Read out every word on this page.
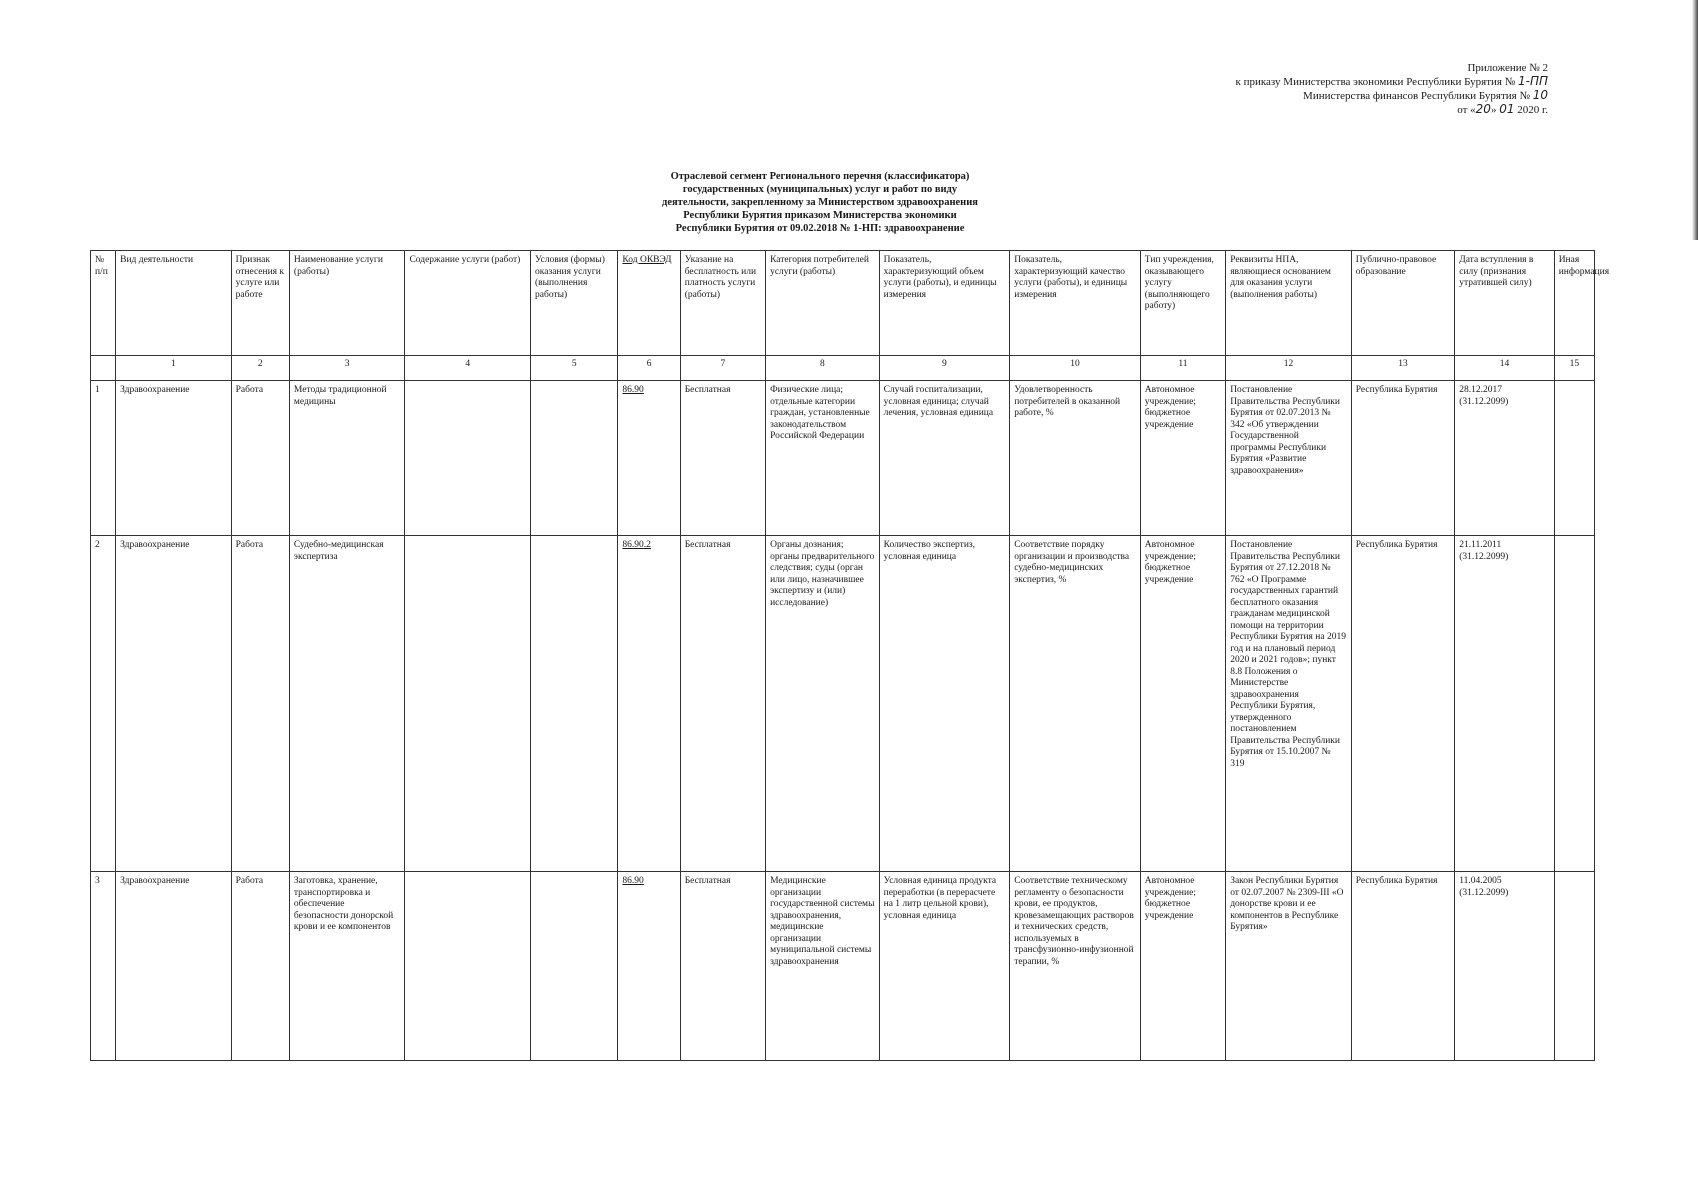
Приложение № 2
к приказу Министерства экономики Республики Бурятия № 1-ПП
Министерства финансов Республики Бурятия № 10
от «20» 01 2020 г.
Отраслевой сегмент Регионального перечня (классификатора)
государственных (муниципальных) услуг и работ по виду
деятельности, закрепленному за Министерством здравоохранения
Республики Бурятия приказом Министерства экономики
Республики Бурятия от 09.02.2018 № 1-НП: здравоохранение
№ п/п	Вид деятельности	Признак отнесения к услуге или работе	Наименование услуги (работы)	Содержание услуги (работ)	Условия (формы) оказания услуги (выполнения работы)	Код ОКВЭД	Указание на бесплатность или платность услуги (работы)	Категория потребителей услуги (работы)	Показатель, характеризующий объем услуги (работы), и единицы измерения	Показатель, характеризующий качество услуги (работы), и единицы измерения	Тип учреждения, оказывающего услугу (выполняющего работу)	Реквизиты НПА, являющиеся основанием для оказания услуги (выполнения работы)	Публично-правовое образование	Дата вступления в силу (признания утратившей силу)	Иная информация
	1	2	3	4	5	6	7	8	9	10	11	12	13	14	15
1	Здравоохранение	Работа	Методы традиционной медицины			86.90	Бесплатная	Физические лица; отдельные категории граждан, установленные законодательством Российской Федерации	Случай госпитализации, условная единица; случай лечения, условная единица	Удовлетворенность потребителей в оказанной работе, %	Автономное учреждение; бюджетное учреждение	Постановление Правительства Республики Бурятия от 02.07.2013 № 342 «Об утверждении Государственной программы Республики Бурятия «Развитие здравоохранения»	Республика Бурятия	28.12.2017 (31.12.2099)	
2	Здравоохранение	Работа	Судебно-медицинская экспертиза			86.90.2	Бесплатная	Органы дознания; органы предварительного следствия; суды (орган или лицо, назначившее экспертизу и (или) исследование)	Количество экспертиз, условная единица	Соответствие порядку организации и производства судебно-медицинских экспертиз, %	Автономное учреждение; бюджетное учреждение	Постановление Правительства Республики Бурятия от 27.12.2018 № 762 «О Программе государственных гарантий бесплатного оказания гражданам медицинской помощи на территории Республики Бурятия на 2019 год и на плановый период 2020 и 2021 годов»; пункт 8.8 Положения о Министерстве здравоохранения Республики Бурятия, утвержденного постановлением Правительства Республики Бурятия от 15.10.2007 № 319	Республика Бурятия	21.11.2011 (31.12.2099)	
3	Здравоохранение	Работа	Заготовка, хранение, транспортировка и обеспечение безопасности донорской крови и ее компонентов			86.90	Бесплатная	Медицинские организации государственной системы здравоохранения, медицинские организации муниципальной системы здравоохранения	Условная единица продукта переработки (в перерасчете на 1 литр цельной крови), условная единица	Соответствие техническому регламенту о безопасности крови, ее продуктов, кровезамещающих растворов и технических средств, используемых в трансфузионно-инфузионной терапии, %	Автономное учреждение; бюджетное учреждение	Закон Республики Бурятия от 02.07.2007 № 2309-III «О донорстве крови и ее компонентов в Республике Бурятия»	Республика Бурятия	11.04.2005 (31.12.2099)	
